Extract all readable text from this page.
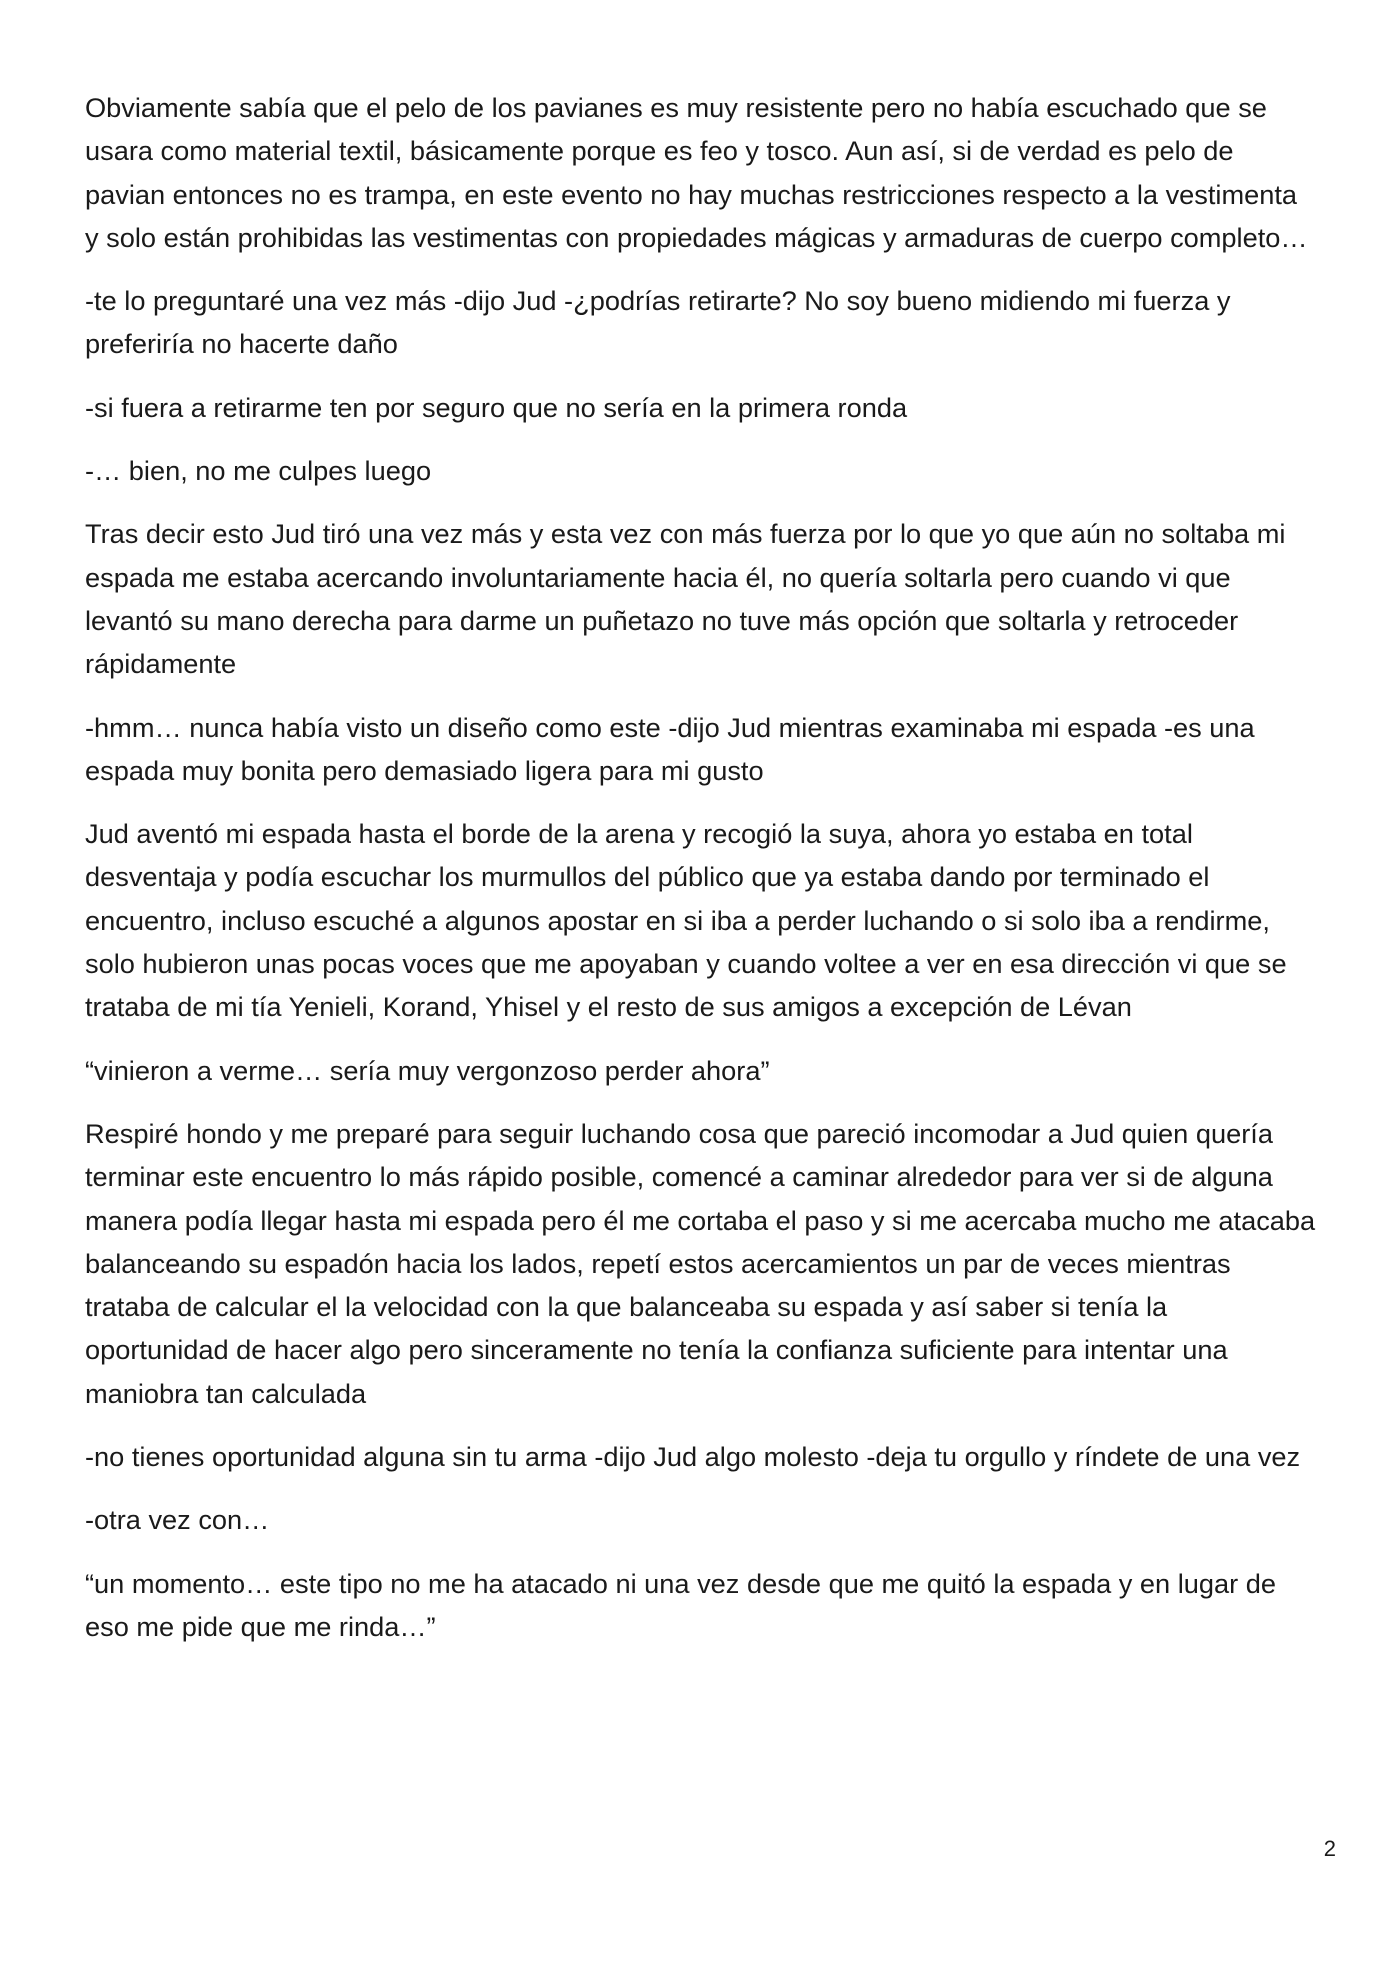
Obviamente sabía que el pelo de los pavianes es muy resistente pero no había escuchado que se usara como material textil, básicamente porque es feo y tosco. Aun así, si de verdad es pelo de pavian entonces no es trampa, en este evento no hay muchas restricciones respecto a la vestimenta y solo están prohibidas las vestimentas con propiedades mágicas y armaduras de cuerpo completo…

-te lo preguntaré una vez más -dijo Jud -¿podrías retirarte? No soy bueno midiendo mi fuerza y preferiría no hacerte daño

-si fuera a retirarme ten por seguro que no sería en la primera ronda

-… bien, no me culpes luego

Tras decir esto Jud tiró una vez más y esta vez con más fuerza por lo que yo que aún no soltaba mi espada me estaba acercando involuntariamente hacia él, no quería soltarla pero cuando vi que levantó su mano derecha para darme un puñetazo no tuve más opción que soltarla y retroceder rápidamente

-hmm… nunca había visto un diseño como este -dijo Jud mientras examinaba mi espada -es una espada muy bonita pero demasiado ligera para mi gusto

Jud aventó mi espada hasta el borde de la arena y recogió la suya, ahora yo estaba en total desventaja y podía escuchar los murmullos del público que ya estaba dando por terminado el encuentro, incluso escuché a algunos apostar en si iba a perder luchando o si solo iba a rendirme, solo hubieron unas pocas voces que me apoyaban y cuando voltee a ver en esa dirección vi que se trataba de mi tía Yenieli, Korand, Yhisel y el resto de sus amigos a excepción de Lévan

“vinieron a verme… sería muy vergonzoso perder ahora”

Respiré hondo y me preparé para seguir luchando cosa que pareció incomodar a Jud quien quería terminar este encuentro lo más rápido posible, comencé a caminar alrededor para ver si de alguna manera podía llegar hasta mi espada pero él me cortaba el paso y si me acercaba mucho me atacaba balanceando su espadón hacia los lados, repetí estos acercamientos un par de veces mientras trataba de calcular el la velocidad con la que balanceaba su espada y así saber si tenía la oportunidad de hacer algo pero sinceramente no tenía la confianza suficiente para intentar una maniobra tan calculada

-no tienes oportunidad alguna sin tu arma -dijo Jud algo molesto -deja tu orgullo y ríndete de una vez

-otra vez con…

“un momento… este tipo no me ha atacado ni una vez desde que me quitó la espada y en lugar de eso me pide que me rinda…”

2
